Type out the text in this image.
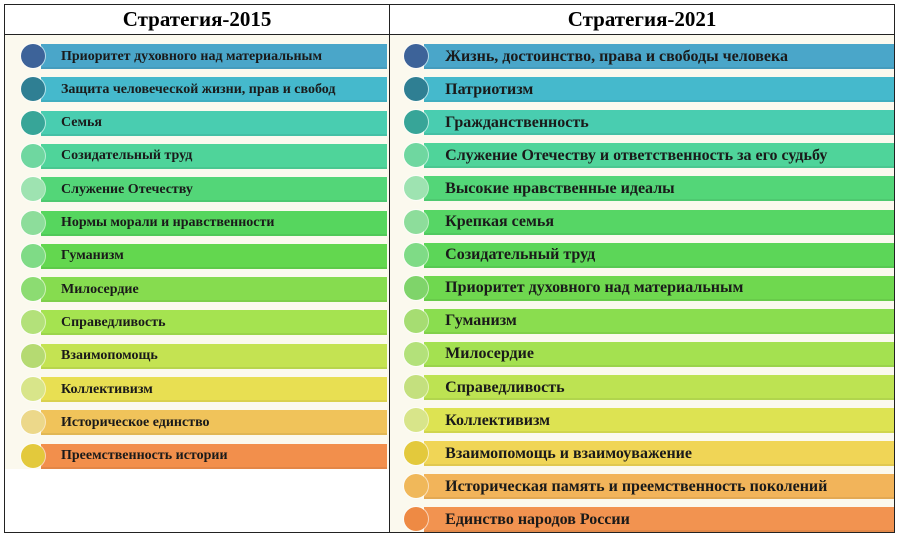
Стратегия-2015
Приоритет духовного над материальным
Защита человеческой жизни, прав и свобод
Семья
Созидательный труд
Служение Отечеству
Нормы морали и нравственности
Гуманизм
Милосердие
Справедливость
Взаимопомощь
Коллективизм
Историческое единство
Преемственность истории
Стратегия-2021
Жизнь, достоинство, права и свободы человека
Патриотизм
Гражданственность
Служение Отечеству и ответственность за его судьбу
Высокие нравственные идеалы
Крепкая семья
Созидательный труд
Приоритет духовного над материальным
Гуманизм
Милосердие
Справедливость
Коллективизм
Взаимопомощь и взаимоуважение
Историческая память и преемственность поколений
Единство народов России
